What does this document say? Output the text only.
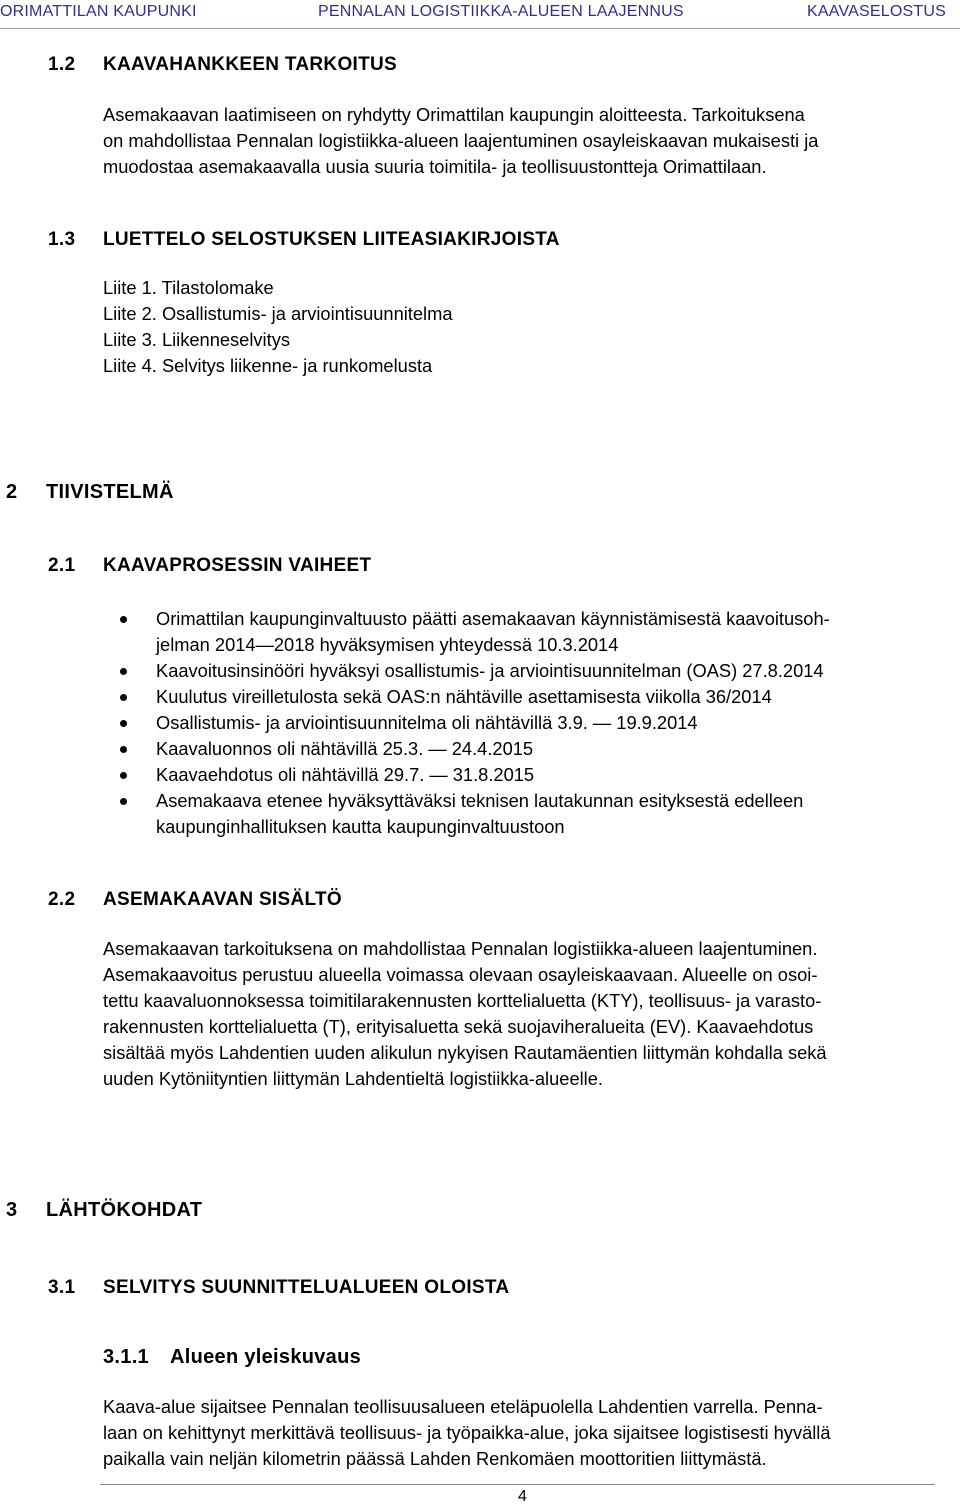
ORIMATTILAN KAUPUNKI	PENNALAN LOGISTIIKKA-ALUEEN LAAJENNUS	KAAVASELOSTUS
1.2 KAAVAHANKKEEN TARKOITUS
Asemakaavan laatimiseen on ryhdytty Orimattilan kaupungin aloitteesta. Tarkoituksena
on mahdollistaa Pennalan logistiikka-alueen laajentuminen osayleiskaavan mukaisesti ja
muodostaa asemakaavalla uusia suuria toimitila- ja teollisuustontteja Orimattilaan.
1.3 LUETTELO SELOSTUKSEN LIITEASIAKIRJOISTA
Liite 1. Tilastolomake
Liite 2. Osallistumis- ja arviointisuunnitelma
Liite 3. Liikenneselvitys
Liite 4. Selvitys liikenne- ja runkomelusta
2 TIIVISTELMÄ
2.1 KAAVAPROSESSIN VAIHEET
Orimattilan kaupunginvaltuusto päätti asemakaavan käynnistämisestä kaavoitusoh-
jelman 2014—2018 hyväksymisen yhteydessä 10.3.2014
Kaavoitusinsinööri hyväksyi osallistumis- ja arviointisuunnitelman (OAS) 27.8.2014
Kuulutus vireilletulosta sekä OAS:n nähtäville asettamisesta viikolla 36/2014
Osallistumis- ja arviointisuunnitelma oli nähtävillä 3.9. — 19.9.2014
Kaavaluonnos oli nähtävillä 25.3. — 24.4.2015
Kaavaehdotus oli nähtävillä 29.7. — 31.8.2015
Asemakaava etenee hyväksyttäväksi teknisen lautakunnan esityksestä edelleen
kaupunginhallituksen kautta kaupunginvaltuustoon
2.2 ASEMAKAAVAN SISÄLTÖ
Asemakaavan tarkoituksena on mahdollistaa Pennalan logistiikka-alueen laajentuminen.
Asemakaavoitus perustuu alueella voimassa olevaan osayleiskaavaan. Alueelle on osoi-
tettu kaavaluonnoksessa toimitilarakennusten korttelialuetta (KTY), teollisuus- ja varasto-
rakennusten korttelialuetta (T), erityisaluetta sekä suojaviheralueita (EV). Kaavaehdotus
sisältää myös Lahdentien uuden alikulun nykyisen Rautamäentien liittymän kohdalla sekä
uuden Kytöniityntien liittymän Lahdentieltä logistiikka-alueelle.
3 LÄHTÖKOHDAT
3.1 SELVITYS SUUNNITTELUALUEEN OLOISTA
3.1.1 Alueen yleiskuvaus
Kaava-alue sijaitsee Pennalan teollisuusalueen eteläpuolella Lahdentien varrella. Penna-
laan on kehittynyt merkittävä teollisuus- ja työpaikka-alue, joka sijaitsee logistisesti hyvällä
paikalla vain neljän kilometrin päässä Lahden Renkomäen moottoritien liittymästä.
4
